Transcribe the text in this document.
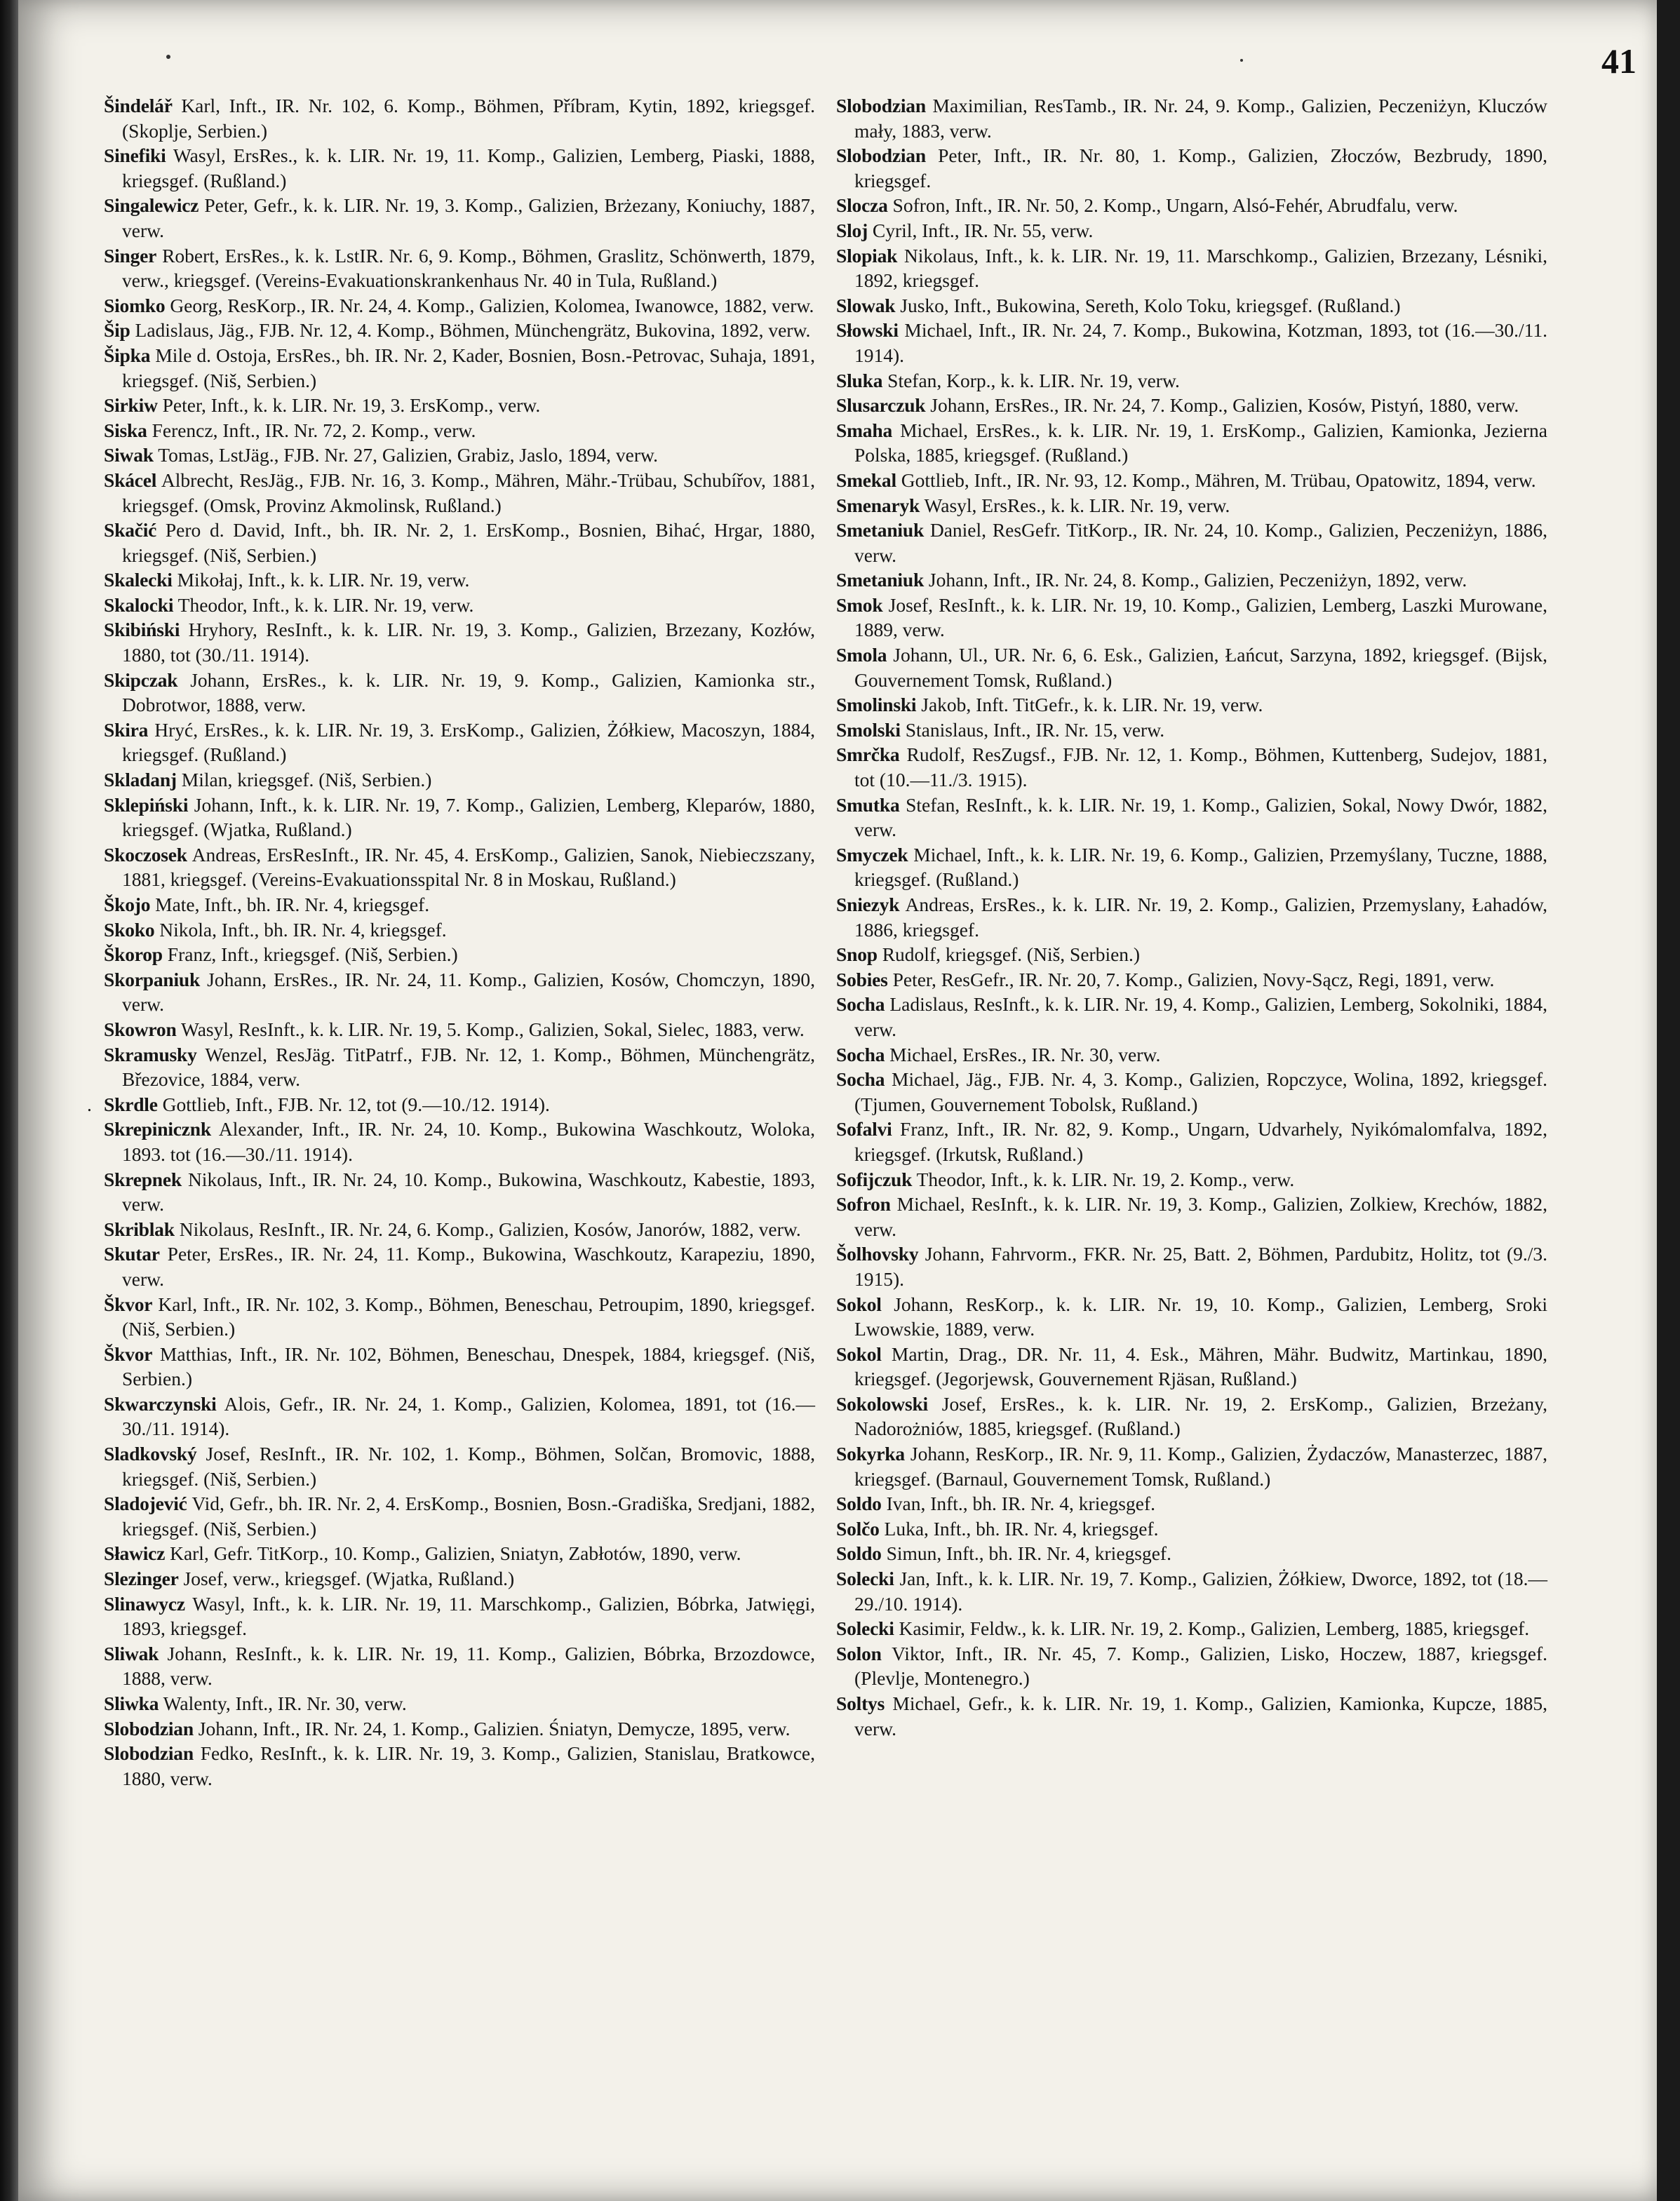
41
Šindelář Karl, Inft., IR. Nr. 102, 6. Komp., Böhmen, Příbram, Kytin, 1892, kriegsgef. (Skoplje, Serbien.)
Sinefiki Wasyl, ErsRes., k. k. LIR. Nr. 19, 11. Komp., Galizien, Lemberg, Piaski, 1888, kriegsgef. (Rußland.)
Singalewicz Peter, Gefr., k. k. LIR. Nr. 19, 3. Komp., Galizien, Brżezany, Koniuchy, 1887, verw.
Singer Robert, ErsRes., k. k. LstIR. Nr. 6, 9. Komp., Böhmen, Graslitz, Schönwerth, 1879, verw., kriegsgef. (Vereins-Evakuationskrankenhaus Nr. 40 in Tula, Rußland.)
Siomko Georg, ResKorp., IR. Nr. 24, 4. Komp., Galizien, Kolomea, Iwanowce, 1882, verw.
Šip Ladislaus, Jäg., FJB. Nr. 12, 4. Komp., Böhmen, Münchengrätz, Bukovina, 1892, verw.
Šipka Mile d. Ostoja, ErsRes., bh. IR. Nr. 2, Kader, Bosnien, Bosn.-Petrovac, Suhaja, 1891, kriegsgef. (Niš, Serbien.)
Sirkiw Peter, Inft., k. k. LIR. Nr. 19, 3. ErsKomp., verw.
Siska Ferencz, Inft., IR. Nr. 72, 2. Komp., verw.
Siwak Tomas, LstJäg., FJB. Nr. 27, Galizien, Grabiz, Jaslo, 1894, verw.
Skácel Albrecht, ResJäg., FJB. Nr. 16, 3. Komp., Mähren, Mähr.-Trübau, Schubířov, 1881, kriegsgef. (Omsk, Provinz Akmolinsk, Rußland.)
Skačić Pero d. David, Inft., bh. IR. Nr. 2, 1. ErsKomp., Bosnien, Bihać, Hrgar, 1880, kriegsgef. (Niš, Serbien.)
Skalecki Mikołaj, Inft., k. k. LIR. Nr. 19, verw.
Skalocki Theodor, Inft., k. k. LIR. Nr. 19, verw.
Skibiński Hryhory, ResInft., k. k. LIR. Nr. 19, 3. Komp., Galizien, Brzezany, Kozłów, 1880, tot (30./11. 1914).
Skipczak Johann, ErsRes., k. k. LIR. Nr. 19, 9. Komp., Galizien, Kamionka str., Dobrotwor, 1888, verw.
Skira Hryć, ErsRes., k. k. LIR. Nr. 19, 3. ErsKomp., Galizien, Żółkiew, Macoszyn, 1884, kriegsgef. (Rußland.)
Skladanj Milan, kriegsgef. (Niš, Serbien.)
Sklepiński Johann, Inft., k. k. LIR. Nr. 19, 7. Komp., Galizien, Lemberg, Kleparów, 1880, kriegsgef. (Wjatka, Rußland.)
Skoczosek Andreas, ErsResInft., IR. Nr. 45, 4. ErsKomp., Galizien, Sanok, Niebieczszany, 1881, kriegsgef. (Vereins-Evakuationsspital Nr. 8 in Moskau, Rußland.)
Škojo Mate, Inft., bh. IR. Nr. 4, kriegsgef.
Skoko Nikola, Inft., bh. IR. Nr. 4, kriegsgef.
Škorop Franz, Inft., kriegsgef. (Niš, Serbien.)
Skorpaniuk Johann, ErsRes., IR. Nr. 24, 11. Komp., Galizien, Kosów, Chomczyn, 1890, verw.
Skowron Wasyl, ResInft., k. k. LIR. Nr. 19, 5. Komp., Galizien, Sokal, Sielec, 1883, verw.
Skramusky Wenzel, ResJäg. TitPatrf., FJB. Nr. 12, 1. Komp., Böhmen, Münchengrätz, Březovice, 1884, verw.
. Skrdle Gottlieb, Inft., FJB. Nr. 12, tot (9.—10./12. 1914).
Skrepinicznk Alexander, Inft., IR. Nr. 24, 10. Komp., Bukowina Waschkoutz, Woloka, 1893. tot (16.—30./11. 1914).
Skrepnek Nikolaus, Inft., IR. Nr. 24, 10. Komp., Bukowina, Waschkoutz, Kabestie, 1893, verw.
Skriblak Nikolaus, ResInft., IR. Nr. 24, 6. Komp., Galizien, Kosów, Janorów, 1882, verw.
Skutar Peter, ErsRes., IR. Nr. 24, 11. Komp., Bukowina, Waschkoutz, Karapeziu, 1890, verw.
Škvor Karl, Inft., IR. Nr. 102, 3. Komp., Böhmen, Beneschau, Petroupim, 1890, kriegsgef. (Niš, Serbien.)
Škvor Matthias, Inft., IR. Nr. 102, Böhmen, Beneschau, Dnespek, 1884, kriegsgef. (Niš, Serbien.)
Skwarczynski Alois, Gefr., IR. Nr. 24, 1. Komp., Galizien, Kolomea, 1891, tot (16.—30./11. 1914).
Sladkovský Josef, ResInft., IR. Nr. 102, 1. Komp., Böhmen, Solčan, Bromovic, 1888, kriegsgef. (Niš, Serbien.)
Sladojević Vid, Gefr., bh. IR. Nr. 2, 4. ErsKomp., Bosnien, Bosn.-Gradiška, Sredjani, 1882, kriegsgef. (Niš, Serbien.)
Sławicz Karl, Gefr. TitKorp., 10. Komp., Galizien, Sniatyn, Zabłotów, 1890, verw.
Slezinger Josef, verw., kriegsgef. (Wjatka, Rußland.)
Slinawycz Wasyl, Inft., k. k. LIR. Nr. 19, 11. Marschkomp., Galizien, Bóbrka, Jatwięgi, 1893, kriegsgef.
Sliwak Johann, ResInft., k. k. LIR. Nr. 19, 11. Komp., Galizien, Bóbrka, Brzozdowce, 1888, verw.
Sliwka Walenty, Inft., IR. Nr. 30, verw.
Slobodzian Johann, Inft., IR. Nr. 24, 1. Komp., Galizien. Śniatyn, Demycze, 1895, verw.
Slobodzian Fedko, ResInft., k. k. LIR. Nr. 19, 3. Komp., Galizien, Stanislau, Bratkowce, 1880, verw.
Slobodzian Maximilian, ResTamb., IR. Nr. 24, 9. Komp., Galizien, Peczeniżyn, Kluczów mały, 1883, verw.
Slobodzian Peter, Inft., IR. Nr. 80, 1. Komp., Galizien, Złoczów, Bezbrudy, 1890, kriegsgef.
Slocza Sofron, Inft., IR. Nr. 50, 2. Komp., Ungarn, Alsó-Fehér, Abrudfalu, verw.
Sloj Cyril, Inft., IR. Nr. 55, verw.
Slopiak Nikolaus, Inft., k. k. LIR. Nr. 19, 11. Marschkomp., Galizien, Brzezany, Lésniki, 1892, kriegsgef.
Slowak Jusko, Inft., Bukowina, Sereth, Kolo Toku, kriegsgef. (Rußland.)
Słowski Michael, Inft., IR. Nr. 24, 7. Komp., Bukowina, Kotzman, 1893, tot (16.—30./11. 1914).
Sluka Stefan, Korp., k. k. LIR. Nr. 19, verw.
Slusarczuk Johann, ErsRes., IR. Nr. 24, 7. Komp., Galizien, Kosów, Pistyń, 1880, verw.
Smaha Michael, ErsRes., k. k. LIR. Nr. 19, 1. ErsKomp., Galizien, Kamionka, Jezierna Polska, 1885, kriegsgef. (Rußland.)
Smekal Gottlieb, Inft., IR. Nr. 93, 12. Komp., Mähren, M. Trübau, Opatowitz, 1894, verw.
Smenaryk Wasyl, ErsRes., k. k. LIR. Nr. 19, verw.
Smetaniuk Daniel, ResGefr. TitKorp., IR. Nr. 24, 10. Komp., Galizien, Peczeniżyn, 1886, verw.
Smetaniuk Johann, Inft., IR. Nr. 24, 8. Komp., Galizien, Peczeniżyn, 1892, verw.
Smok Josef, ResInft., k. k. LIR. Nr. 19, 10. Komp., Galizien, Lemberg, Laszki Murowane, 1889, verw.
Smola Johann, Ul., UR. Nr. 6, 6. Esk., Galizien, Łańcut, Sarzyna, 1892, kriegsgef. (Bijsk, Gouvernement Tomsk, Rußland.)
Smolinski Jakob, Inft. TitGefr., k. k. LIR. Nr. 19, verw.
Smolski Stanislaus, Inft., IR. Nr. 15, verw.
Smrčka Rudolf, ResZugsf., FJB. Nr. 12, 1. Komp., Böhmen, Kuttenberg, Sudejov, 1881, tot (10.—11./3. 1915).
Smutka Stefan, ResInft., k. k. LIR. Nr. 19, 1. Komp., Galizien, Sokal, Nowy Dwór, 1882, verw.
Smyczek Michael, Inft., k. k. LIR. Nr. 19, 6. Komp., Galizien, Przemyślany, Tuczne, 1888, kriegsgef. (Rußland.)
Sniezyk Andreas, ErsRes., k. k. LIR. Nr. 19, 2. Komp., Galizien, Przemyslany, Łahadów, 1886, kriegsgef.
Snop Rudolf, kriegsgef. (Niš, Serbien.)
Sobies Peter, ResGefr., IR. Nr. 20, 7. Komp., Galizien, Novy-Sącz, Regi, 1891, verw.
Socha Ladislaus, ResInft., k. k. LIR. Nr. 19, 4. Komp., Galizien, Lemberg, Sokolniki, 1884, verw.
Socha Michael, ErsRes., IR. Nr. 30, verw.
Socha Michael, Jäg., FJB. Nr. 4, 3. Komp., Galizien, Ropczyce, Wolina, 1892, kriegsgef. (Tjumen, Gouvernement Tobolsk, Rußland.)
Sofalvi Franz, Inft., IR. Nr. 82, 9. Komp., Ungarn, Udvarhely, Nyikómalomfalva, 1892, kriegsgef. (Irkutsk, Rußland.)
Sofijczuk Theodor, Inft., k. k. LIR. Nr. 19, 2. Komp., verw.
Sofron Michael, ResInft., k. k. LIR. Nr. 19, 3. Komp., Galizien, Zolkiew, Krechów, 1882, verw.
Šolhovsky Johann, Fahrvorm., FKR. Nr. 25, Batt. 2, Böhmen, Pardubitz, Holitz, tot (9./3. 1915).
Sokol Johann, ResKorp., k. k. LIR. Nr. 19, 10. Komp., Galizien, Lemberg, Sroki Lwowskie, 1889, verw.
Sokol Martin, Drag., DR. Nr. 11, 4. Esk., Mähren, Mähr. Budwitz, Martinkau, 1890, kriegsgef. (Jegorjewsk, Gouvernement Rjäsan, Rußland.)
Sokolowski Josef, ErsRes., k. k. LIR. Nr. 19, 2. ErsKomp., Galizien, Brzeżany, Nadorożniów, 1885, kriegsgef. (Rußland.)
Sokyrka Johann, ResKorp., IR. Nr. 9, 11. Komp., Galizien, Żydaczów, Manasterzec, 1887, kriegsgef. (Barnaul, Gouvernement Tomsk, Rußland.)
Soldo Ivan, Inft., bh. IR. Nr. 4, kriegsgef.
Solčo Luka, Inft., bh. IR. Nr. 4, kriegsgef.
Soldo Simun, Inft., bh. IR. Nr. 4, kriegsgef.
Solecki Jan, Inft., k. k. LIR. Nr. 19, 7. Komp., Galizien, Żółkiew, Dworce, 1892, tot (18.—29./10. 1914).
Solecki Kasimir, Feldw., k. k. LIR. Nr. 19, 2. Komp., Galizien, Lemberg, 1885, kriegsgef.
Solon Viktor, Inft., IR. Nr. 45, 7. Komp., Galizien, Lisko, Hoczew, 1887, kriegsgef. (Plevlje, Montenegro.)
Soltys Michael, Gefr., k. k. LIR. Nr. 19, 1. Komp., Galizien, Kamionka, Kupcze, 1885, verw.
